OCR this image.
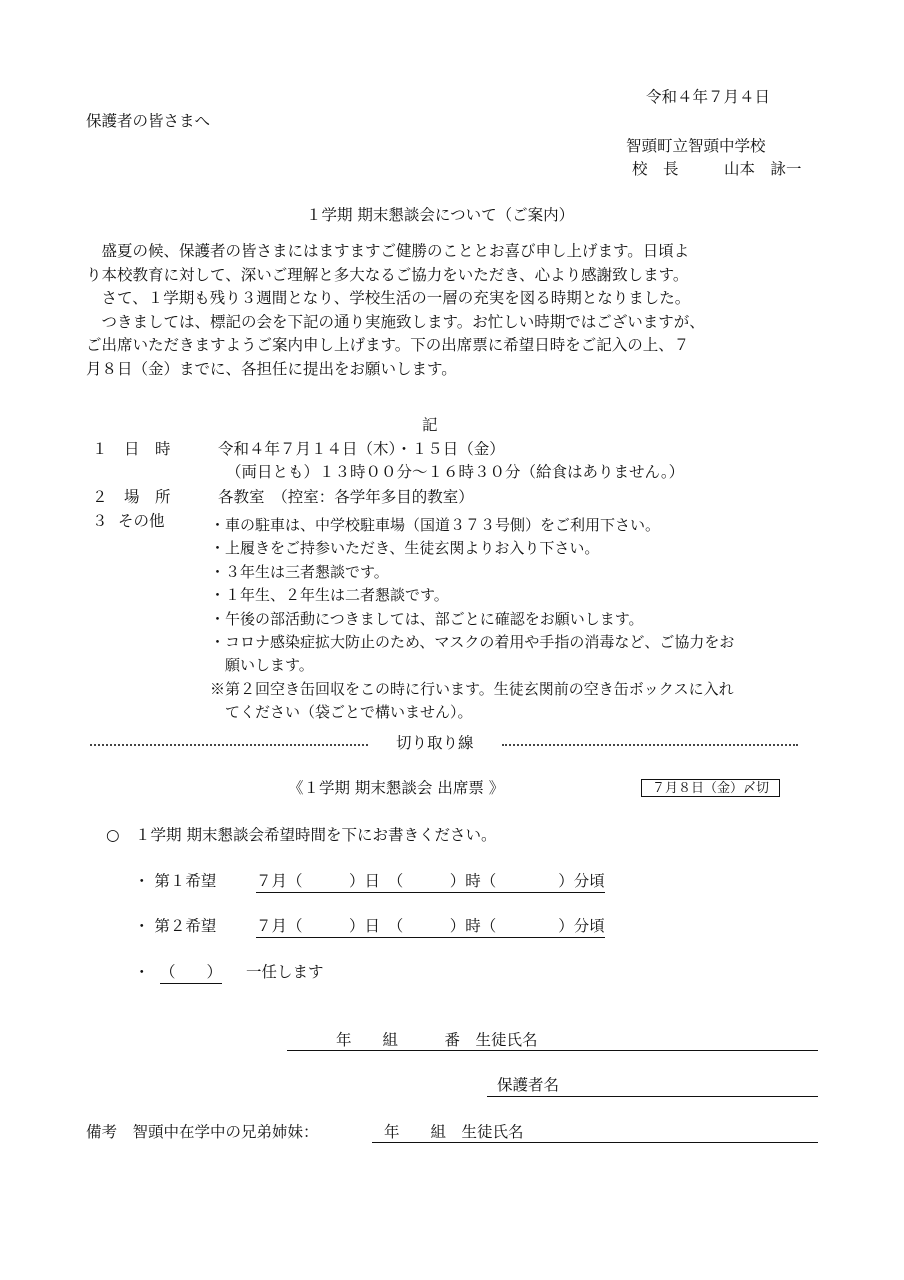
令和４年７月４日
保護者の皆さまへ
智頭町立智頭中学校
校　長	山本　詠一
１学期 期末懇談会について（ご案内）
　盛夏の候、保護者の皆さまにはますますご健勝のこととお喜び申し上げます。日頃よ
り本校教育に対して、深いご理解と多大なるご協力をいただき、心より感謝致します。
　さて、１学期も残り３週間となり、学校生活の一層の充実を図る時期となりました。
　つきましては、標記の会を下記の通り実施致します。お忙しい時期ではございますが、
ご出席いただきますようご案内申し上げます。下の出席票に希望日時をご記入の上、７
月８日（金）までに、各担任に提出をお願いします。
記
１ 日　時	令和４年７月１４日（木）・１５日（金）
（両日とも）１３時００分～１６時３０分（給食はありません。）
２ 場　所	各教室　（控室：各学年多目的教室）
３ その他	・車の駐車は、中学校駐車場（国道３７３号側）をご利用下さい。
・上履きをご持参いただき、生徒玄関よりお入り下さい。
・３年生は三者懇談です。
・１年生、２年生は二者懇談です。
・午後の部活動につきましては、部ごとに確認をお願いします。
・コロナ感染症拡大防止のため、マスクの着用や手指の消毒など、ご協力をお
　願いします。
※第２回空き缶回収をこの時に行います。生徒玄関前の空き缶ボックスに入れ
　てください（袋ごとで構いません）。
切り取り線
《１学期 期末懇談会 出席票 》	７月８日（金）〆切
○　１学期 期末懇談会希望時間を下にお書きください。
・ 第１希望	７月（　　　）日　（　　　）時（　　　　）分頃
・ 第２希望	７月（　　　）日　（　　　）時（　　　　）分頃
・ （　　） 一任します
年　　組　　　番　生徒氏名
保護者名
備考　智頭中在学中の兄弟姉妹：	年　　組　生徒氏名
